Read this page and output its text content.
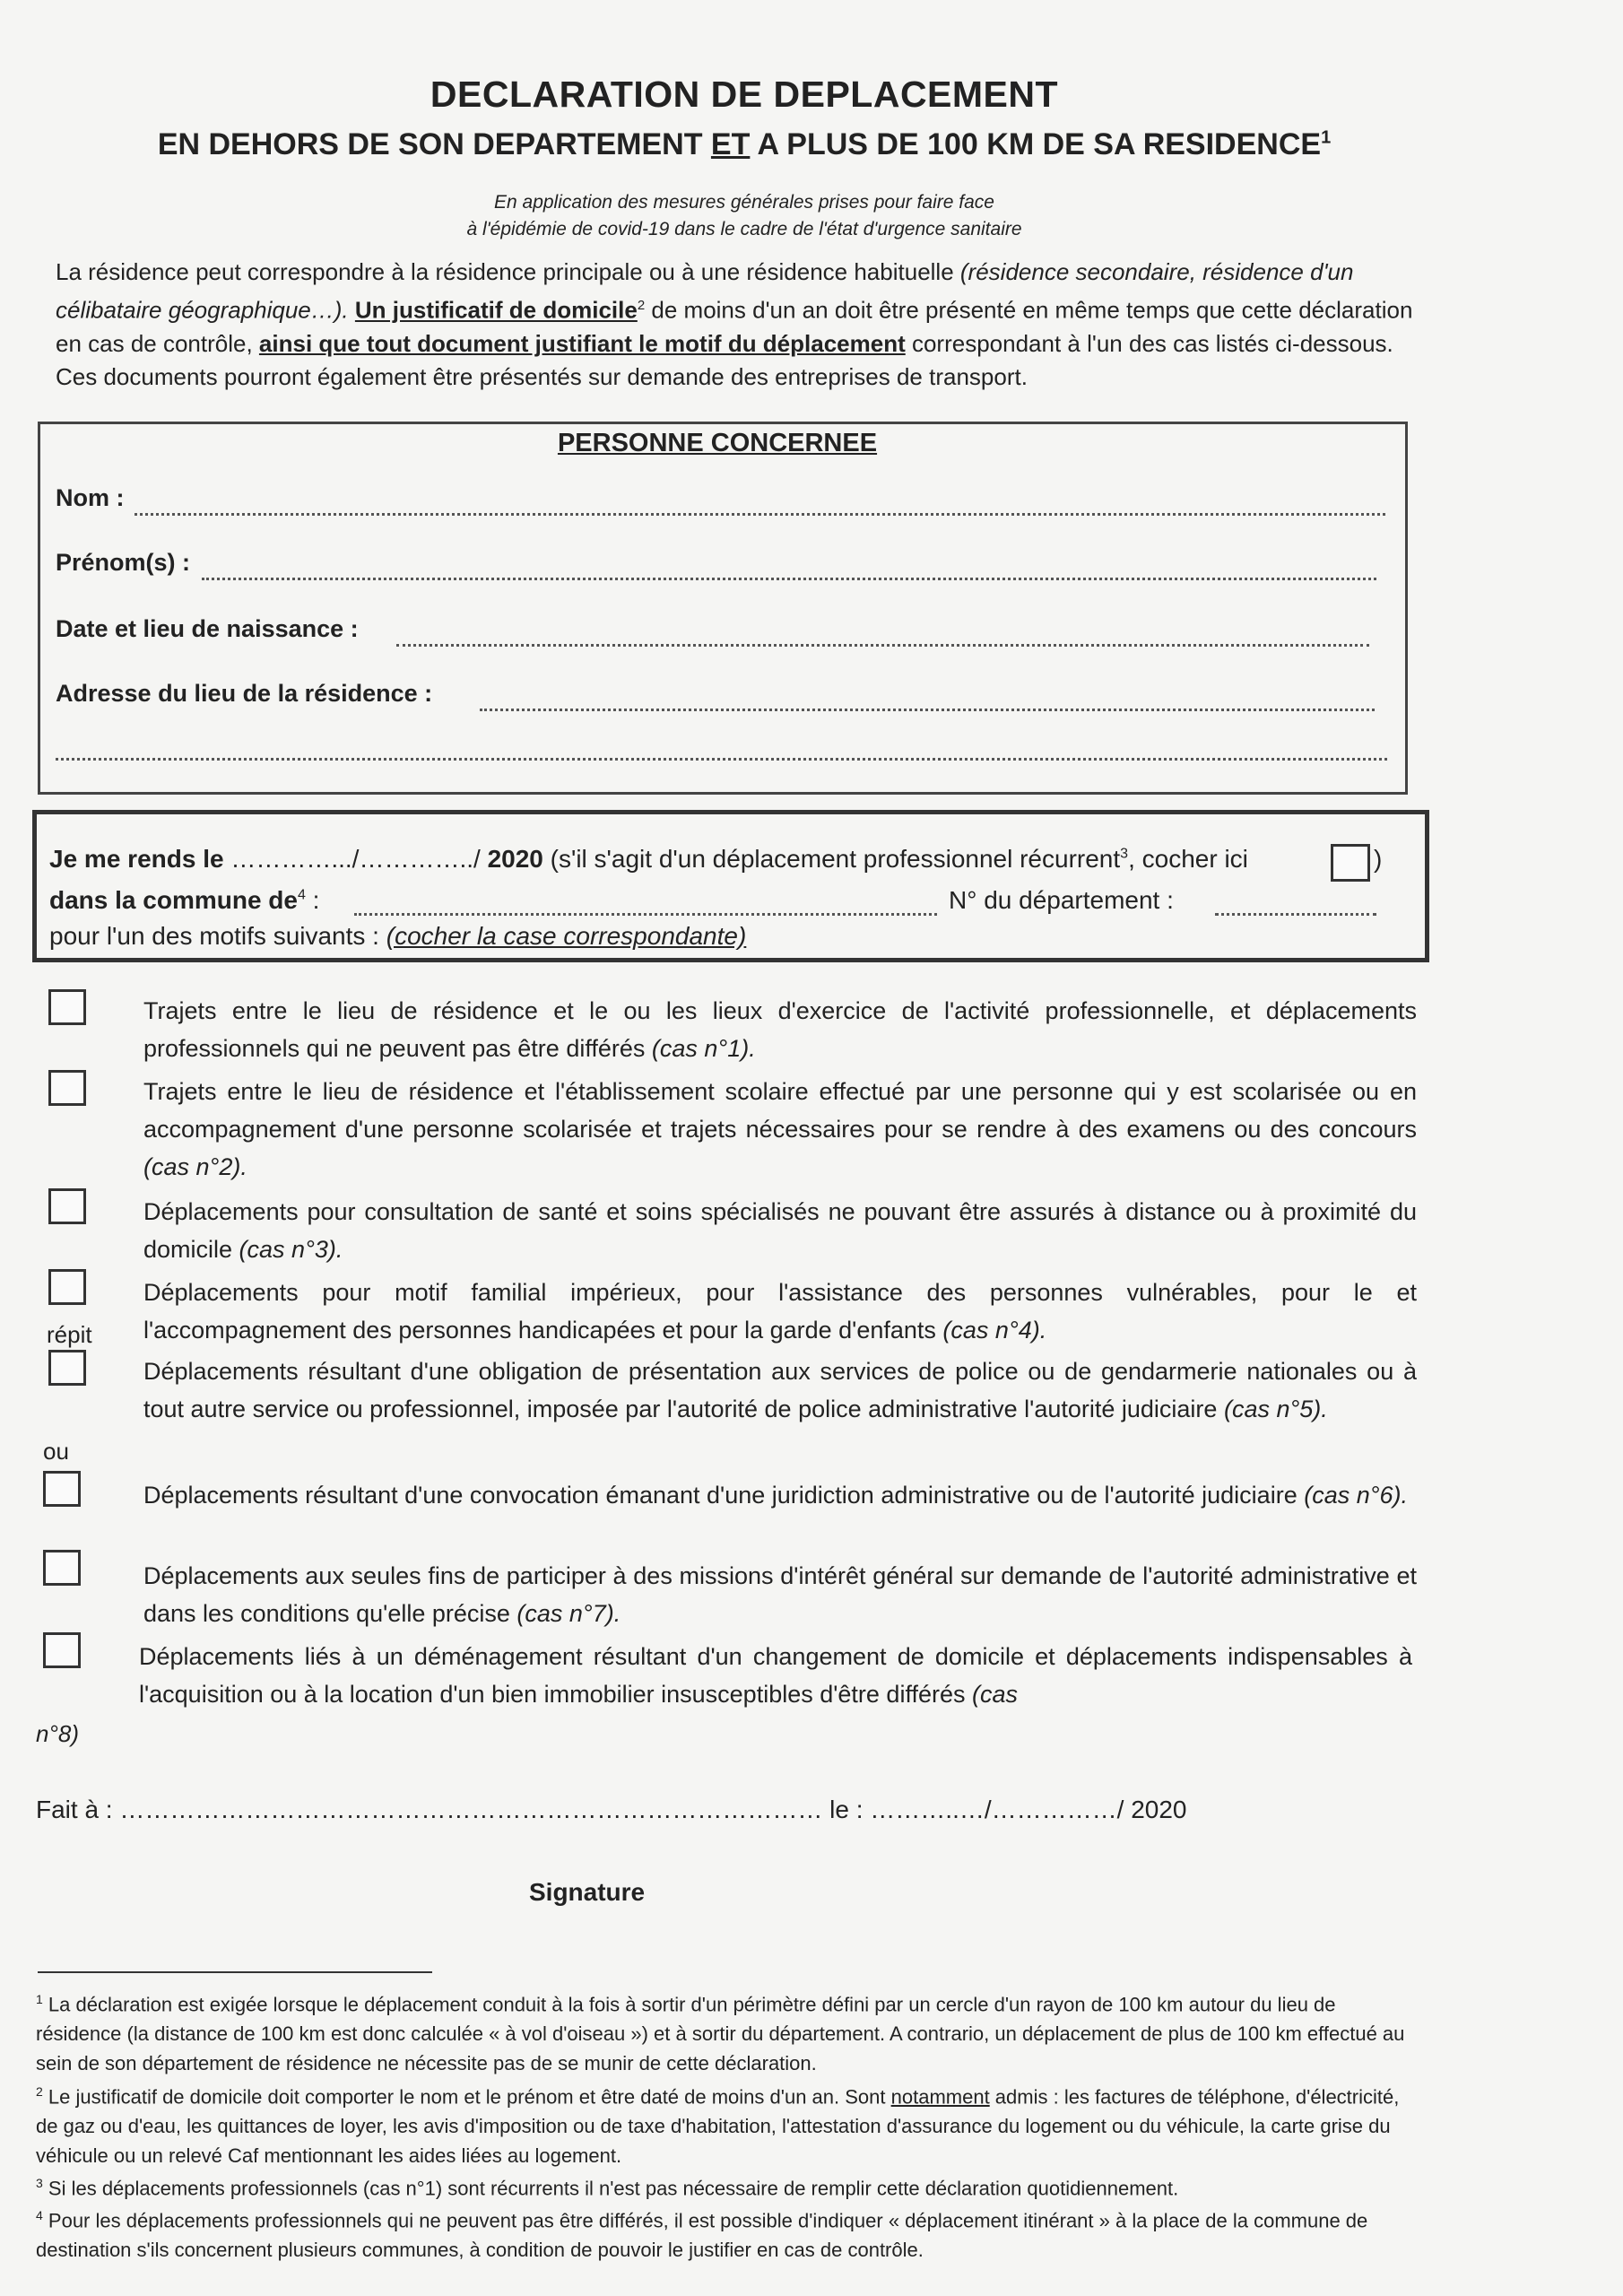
DECLARATION DE DEPLACEMENT
EN DEHORS DE SON DEPARTEMENT ET A PLUS DE 100 KM DE SA RESIDENCE$^1$
En application des mesures générales prises pour faire face
à l'épidémie de covid-19 dans le cadre de l'état d'urgence sanitaire
La résidence peut correspondre à la résidence principale ou à une résidence habituelle (résidence secondaire, résidence d'un célibataire géographique…). Un justificatif de domicile$^2$ de moins d'un an doit être présenté en même temps que cette déclaration en cas de contrôle, ainsi que tout document justifiant le motif du déplacement correspondant à l'un des cas listés ci-dessous. Ces documents pourront également être présentés sur demande des entreprises de transport.
PERSONNE CONCERNEE
Nom :
Prénom(s) :
Date et lieu de naissance :
Adresse du lieu de la résidence :
Je me rends le ………….../…………../ 2020 (s'il s'agit d'un déplacement professionnel récurrent$^3$, cocher ici	)
dans la commune $de^4$ :	N° du département :
pour l'un des motifs suivants : (cocher la case correspondante)
Trajets entre le lieu de résidence et le ou les lieux d'exercice de l'activité professionnelle, et déplacements professionnels qui ne peuvent pas être différés (cas n°1).
Trajets entre le lieu de résidence et l'établissement scolaire effectué par une personne qui y est scolarisée ou en accompagnement d'une personne scolarisée et trajets nécessaires pour se rendre à des examens ou des concours (cas n°2).
Déplacements pour consultation de santé et soins spécialisés ne pouvant être assurés à distance ou à proximité du domicile (cas n°3).
répit
Déplacements pour motif familial impérieux, pour l'assistance des personnes vulnérables, pour le et l'accompagnement des personnes handicapées et pour la garde d'enfants (cas n°4).
ou
Déplacements résultant d'une obligation de présentation aux services de police ou de gendarmerie nationales ou à tout autre service ou professionnel, imposée par l'autorité de police administrative l'autorité judiciaire (cas n°5).
Déplacements résultant d'une convocation émanant d'une juridiction administrative ou de l'autorité judiciaire (cas n°6).
Déplacements aux seules fins de participer à des missions d'intérêt général sur demande de l'autorité administrative et dans les conditions qu'elle précise (cas n°7).
Déplacements liés à un déménagement résultant d'un changement de domicile et déplacements indispensables à l'acquisition ou à la location d'un bien immobilier insusceptibles d'être différés (cas
n°8)
Fait à : ………………………………………………………………………… le : ………..…/……………/ 2020
Signature
$^1$ La déclaration est exigée lorsque le déplacement conduit à la fois à sortir d'un périmètre défini par un cercle d'un rayon de 100 km autour du lieu de résidence (la distance de 100 km est donc calculée « à vol d'oiseau ») et à sortir du département. A contrario, un déplacement de plus de 100 km effectué au sein de son département de résidence ne nécessite pas de se munir de cette déclaration.
$^2$ Le justificatif de domicile doit comporter le nom et le prénom et être daté de moins d'un an. Sont notamment admis : les factures de téléphone, d'électricité, de gaz ou d'eau, les quittances de loyer, les avis d'imposition ou de taxe d'habitation, l'attestation d'assurance du logement ou du véhicule, la carte grise du véhicule ou un relevé Caf mentionnant les aides liées au logement.
$^3$ Si les déplacements professionnels (cas n°1) sont récurrents il n'est pas nécessaire de remplir cette déclaration quotidiennement.
$^4$ Pour les déplacements professionnels qui ne peuvent pas être différés, il est possible d'indiquer « déplacement itinérant » à la place de la commune de destination s'ils concernent plusieurs communes, à condition de pouvoir le justifier en cas de contrôle.
